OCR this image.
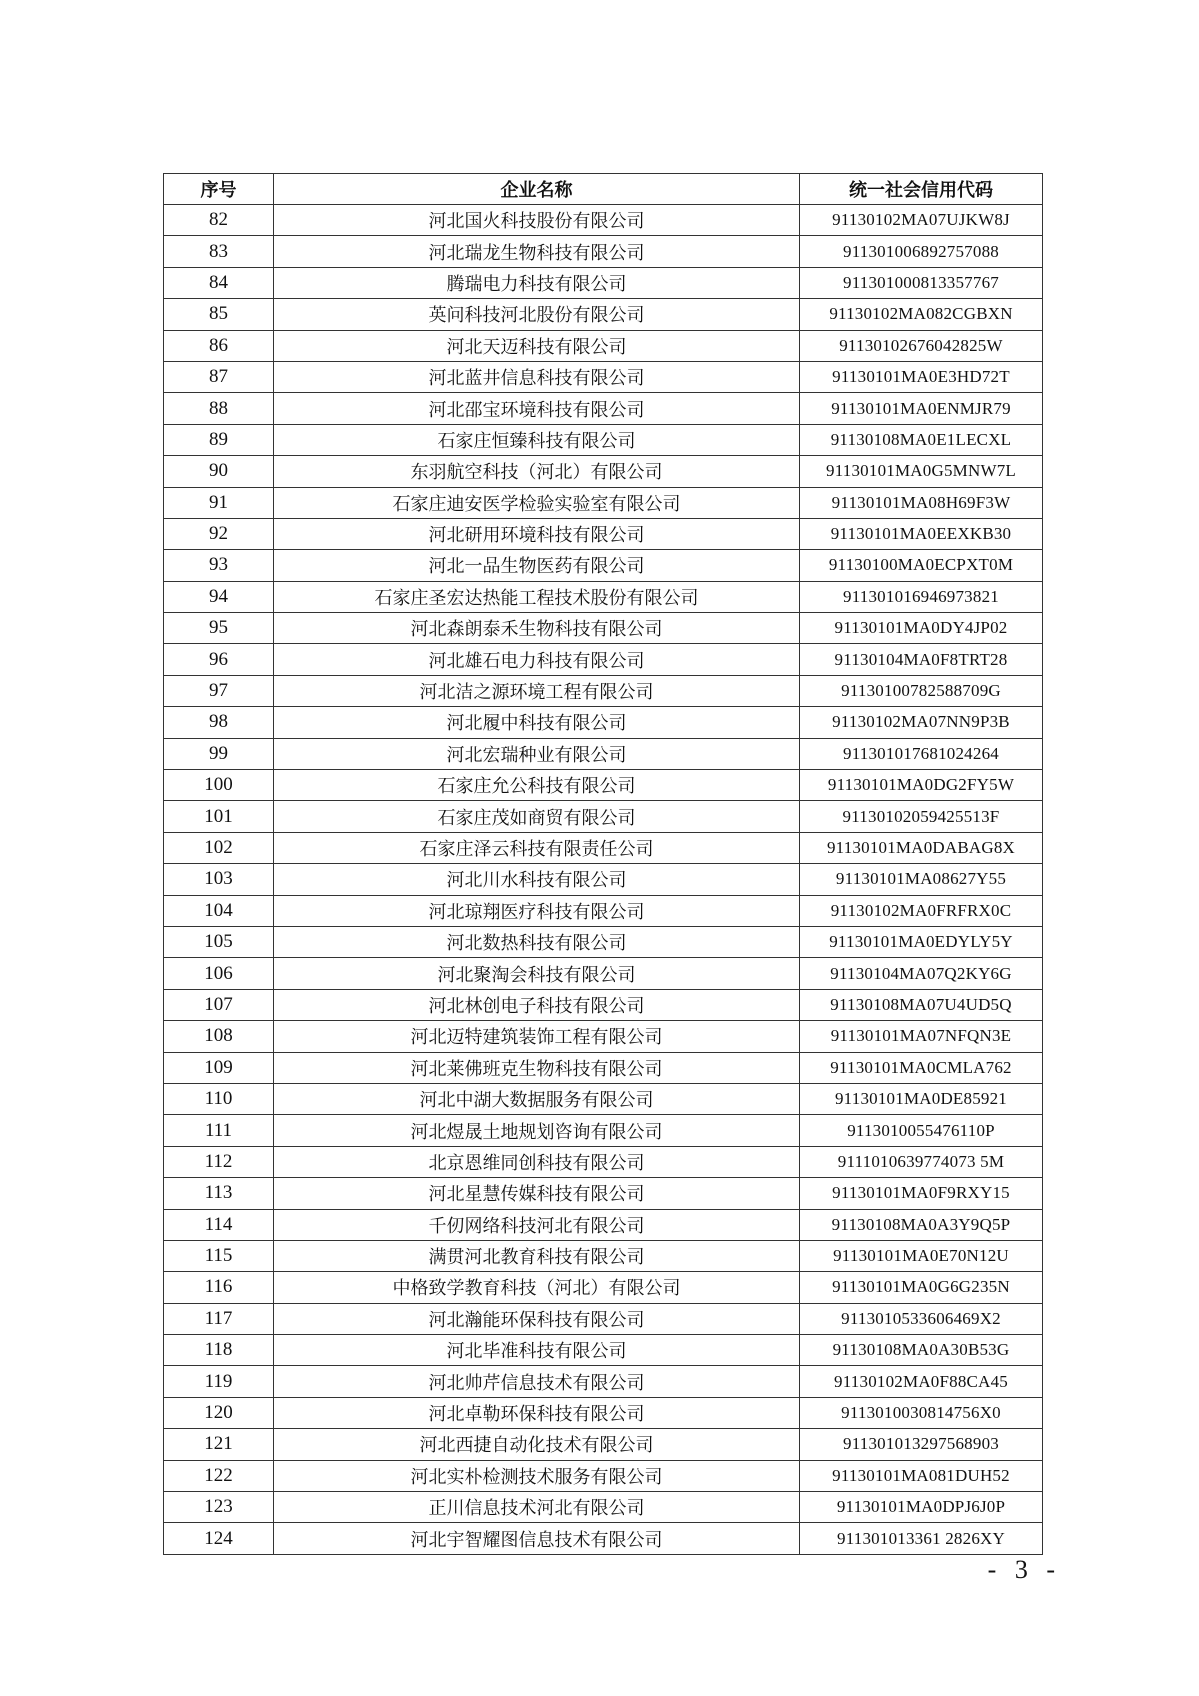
序号	企业名称	统一社会信用代码
82	河北国火科技股份有限公司	91130102MA07UJKW8J
83	河北瑞龙生物科技有限公司	911301006892757088
84	腾瑞电力科技有限公司	911301000813357767
85	英问科技河北股份有限公司	91130102MA082CGBXN
86	河北天迈科技有限公司	91130102676042825W
87	河北蓝井信息科技有限公司	91130101MA0E3HD72T
88	河北邵宝环境科技有限公司	91130101MA0ENMJR79
89	石家庄恒臻科技有限公司	91130108MA0E1LECXL
90	东羽航空科技（河北）有限公司	91130101MA0G5MNW7L
91	石家庄迪安医学检验实验室有限公司	91130101MA08H69F3W
92	河北研用环境科技有限公司	91130101MA0EEXKB30
93	河北一品生物医药有限公司	91130100MA0ECPXT0M
94	石家庄圣宏达热能工程技术股份有限公司	911301016946973821
95	河北森朗泰禾生物科技有限公司	91130101MA0DY4JP02
96	河北雄石电力科技有限公司	91130104MA0F8TRT28
97	河北洁之源环境工程有限公司	91130100782588709G
98	河北履中科技有限公司	91130102MA07NN9P3B
99	河北宏瑞种业有限公司	911301017681024264
100	石家庄允公科技有限公司	91130101MA0DG2FY5W
101	石家庄茂如商贸有限公司	91130102059425513F
102	石家庄泽云科技有限责任公司	91130101MA0DABAG8X
103	河北川水科技有限公司	91130101MA08627Y55
104	河北琼翔医疗科技有限公司	91130102MA0FRFRX0C
105	河北数热科技有限公司	91130101MA0EDYLY5Y
106	河北聚淘会科技有限公司	91130104MA07Q2KY6G
107	河北林创电子科技有限公司	91130108MA07U4UD5Q
108	河北迈特建筑装饰工程有限公司	91130101MA07NFQN3E
109	河北莱佛班克生物科技有限公司	91130101MA0CMLA762
110	河北中湖大数据服务有限公司	91130101MA0DE85921
111	河北煜晟土地规划咨询有限公司	9113010055476110P
112	北京恩维同创科技有限公司	9111010639774073 5M
113	河北星慧传媒科技有限公司	91130101MA0F9RXY15
114	千仞网络科技河北有限公司	91130108MA0A3Y9Q5P
115	满贯河北教育科技有限公司	91130101MA0E70N12U
116	中格致学教育科技（河北）有限公司	91130101MA0G6G235N
117	河北瀚能环保科技有限公司	9113010533606469X2
118	河北毕准科技有限公司	91130108MA0A30B53G
119	河北帅芹信息技术有限公司	91130102MA0F88CA45
120	河北卓勒环保科技有限公司	9113010030814756X0
121	河北西捷自动化技术有限公司	911301013297568903
122	河北实朴检测技术服务有限公司	91130101MA081DUH52
123	正川信息技术河北有限公司	91130101MA0DPJ6J0P
124	河北宇智耀图信息技术有限公司	911301013361 2826XY
- 3 -
